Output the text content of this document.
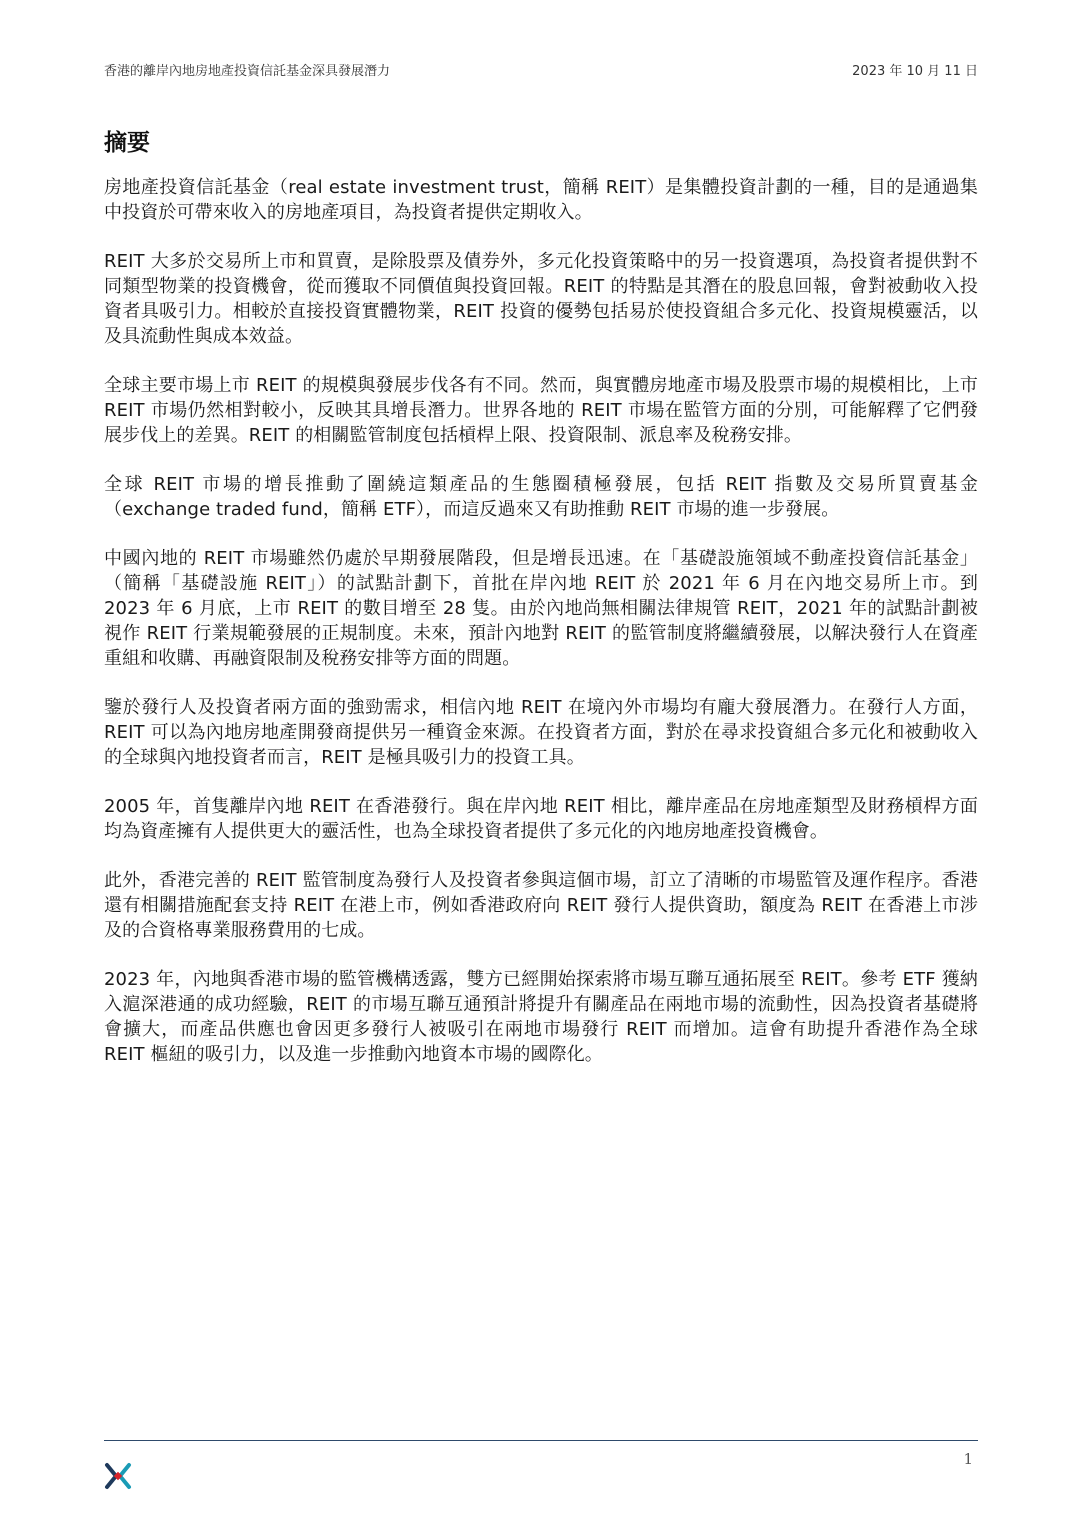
香港的離岸內地房地產投資信託基金深具發展潛力	2023 年 10 月 11 日
摘要

房地產投資信託基金（real estate investment trust，簡稱 REIT）是集體投資計劃的一種，目的是通過集中投資於可帶來收入的房地產項目，為投資者提供定期收入。

REIT 大多於交易所上市和買賣，是除股票及債券外，多元化投資策略中的另一投資選項，為投資者提供對不同類型物業的投資機會，從而獲取不同價值與投資回報。REIT 的特點是其潛在的股息回報，會對被動收入投資者具吸引力。相較於直接投資實體物業，REIT 投資的優勢包括易於使投資組合多元化、投資規模靈活，以及具流動性與成本效益。

全球主要市場上市 REIT 的規模與發展步伐各有不同。然而，與實體房地產市場及股票市場的規模相比，上市 REIT 市場仍然相對較小，反映其具增長潛力。世界各地的 REIT 市場在監管方面的分別，可能解釋了它們發展步伐上的差異。REIT 的相關監管制度包括槓桿上限、投資限制、派息率及稅務安排。

全球 REIT 市場的增長推動了圍繞這類產品的生態圈積極發展，包括 REIT 指數及交易所買賣基金（exchange traded fund，簡稱 ETF），而這反過來又有助推動 REIT 市場的進一步發展。

中國內地的 REIT 市場雖然仍處於早期發展階段，但是增長迅速。在「基礎設施領域不動產投資信託基金」（簡稱「基礎設施 REIT」）的試點計劃下，首批在岸內地 REIT 於 2021 年 6 月在內地交易所上市。到 2023 年 6 月底，上市 REIT 的數目增至 28 隻。由於內地尚無相關法律規管 REIT，2021 年的試點計劃被視作 REIT 行業規範發展的正規制度。未來，預計內地對 REIT 的監管制度將繼續發展，以解決發行人在資產重組和收購、再融資限制及稅務安排等方面的問題。

鑒於發行人及投資者兩方面的強勁需求，相信內地 REIT 在境內外市場均有龐大發展潛力。在發行人方面，REIT 可以為內地房地產開發商提供另一種資金來源。在投資者方面，對於在尋求投資組合多元化和被動收入的全球與內地投資者而言，REIT 是極具吸引力的投資工具。

2005 年，首隻離岸內地 REIT 在香港發行。與在岸內地 REIT 相比，離岸產品在房地產類型及財務槓桿方面均為資產擁有人提供更大的靈活性，也為全球投資者提供了多元化的內地房地產投資機會。

此外，香港完善的 REIT 監管制度為發行人及投資者參與這個市場，訂立了清晰的市場監管及運作程序。香港還有相關措施配套支持 REIT 在港上市，例如香港政府向 REIT 發行人提供資助，額度為 REIT 在香港上市涉及的合資格專業服務費用的七成。

2023 年，內地與香港市場的監管機構透露，雙方已經開始探索將市場互聯互通拓展至 REIT。參考 ETF 獲納入滬深港通的成功經驗，REIT 的市場互聯互通預計將提升有關產品在兩地市場的流動性，因為投資者基礎將會擴大，而產品供應也會因更多發行人被吸引在兩地市場發行 REIT 而增加。這會有助提升香港作為全球 REIT 樞紐的吸引力，以及進一步推動內地資本市場的國際化。

1
